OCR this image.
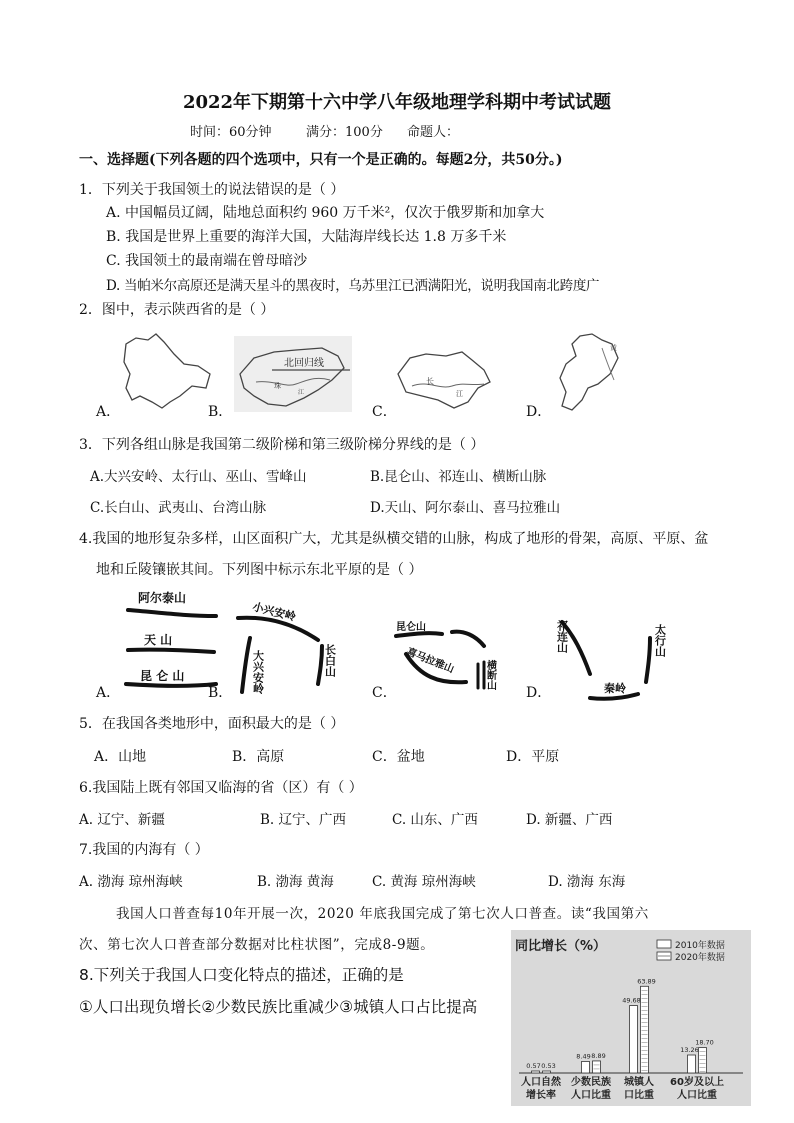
2022年下期第十六中学八年级地理学科期中考试试题
时间：60分钟	满分：100分 命题人：
一、选择题(下列各题的四个选项中，只有一个是正确的。每题2分，共50分。)
1．下列关于我国领土的说法错误的是（ ）
A. 中国幅员辽阔，陆地总面积约 960 万千米²，仅次于俄罗斯和加拿大
B. 我国是世界上重要的海洋大国，大陆海岸线长达 1.8 万多千米
C. 我国领土的最南端在曾母暗沙
D. 当帕米尔高原还是满天星斗的黑夜时，乌苏里江已洒满阳光，说明我国南北跨度广
2．图中，表示陕西省的是（ ）
北回归线
珠
江
长
江
黄
A．	B．	C．	D．
3．下列各组山脉是我国第二级阶梯和第三级阶梯分界线的是（ ）
A.大兴安岭、太行山、巫山、雪峰山	B.昆仑山、祁连山、横断山脉
C.长白山、武夷山、台湾山脉	D.天山、阿尔泰山、喜马拉雅山
4.我国的地形复杂多样，山区面积广大，尤其是纵横交错的山脉，构成了地形的骨架，高原、平原、盆
地和丘陵镶嵌其间。下列图中标示东北平原的是（ ）
阿尔泰山
天 山
昆 仑 山
小兴安岭
大兴安岭	长白山
昆仑山
喜马拉雅山	横断山
祁连山	太行山
秦岭
A．	B．	C．	D．
5．在我国各类地形中，面积最大的是（ ）
A．山地	B．高原	C．盆地	D．平原
6.我国陆上既有邻国又临海的省（区）有（ ）
A. 辽宁、新疆	B. 辽宁、广西	C. 山东、广西	D. 新疆、广西
7.我国的内海有（ ）
A. 渤海 琼州海峡	B. 渤海 黄海	C. 黄海 琼州海峡	D. 渤海 东海
我国人口普查每10年开展一次，2020 年底我国完成了第七次人口普查。读“我国第六
次、第七次人口普查部分数据对比柱状图”，完成8-9题。
8.下列关于我国人口变化特点的描述，正确的是
①人口出现负增长②少数民族比重减少③城镇人口占比提高
同比增长（%）	2010年数据
2020年数据
0.57 0.53
人口自然
增长率
8.49 8.89
少数民族
人口比重
49.68
63.89
城镇人
口比重
13.26
18.70
60岁及以上
人口比重
